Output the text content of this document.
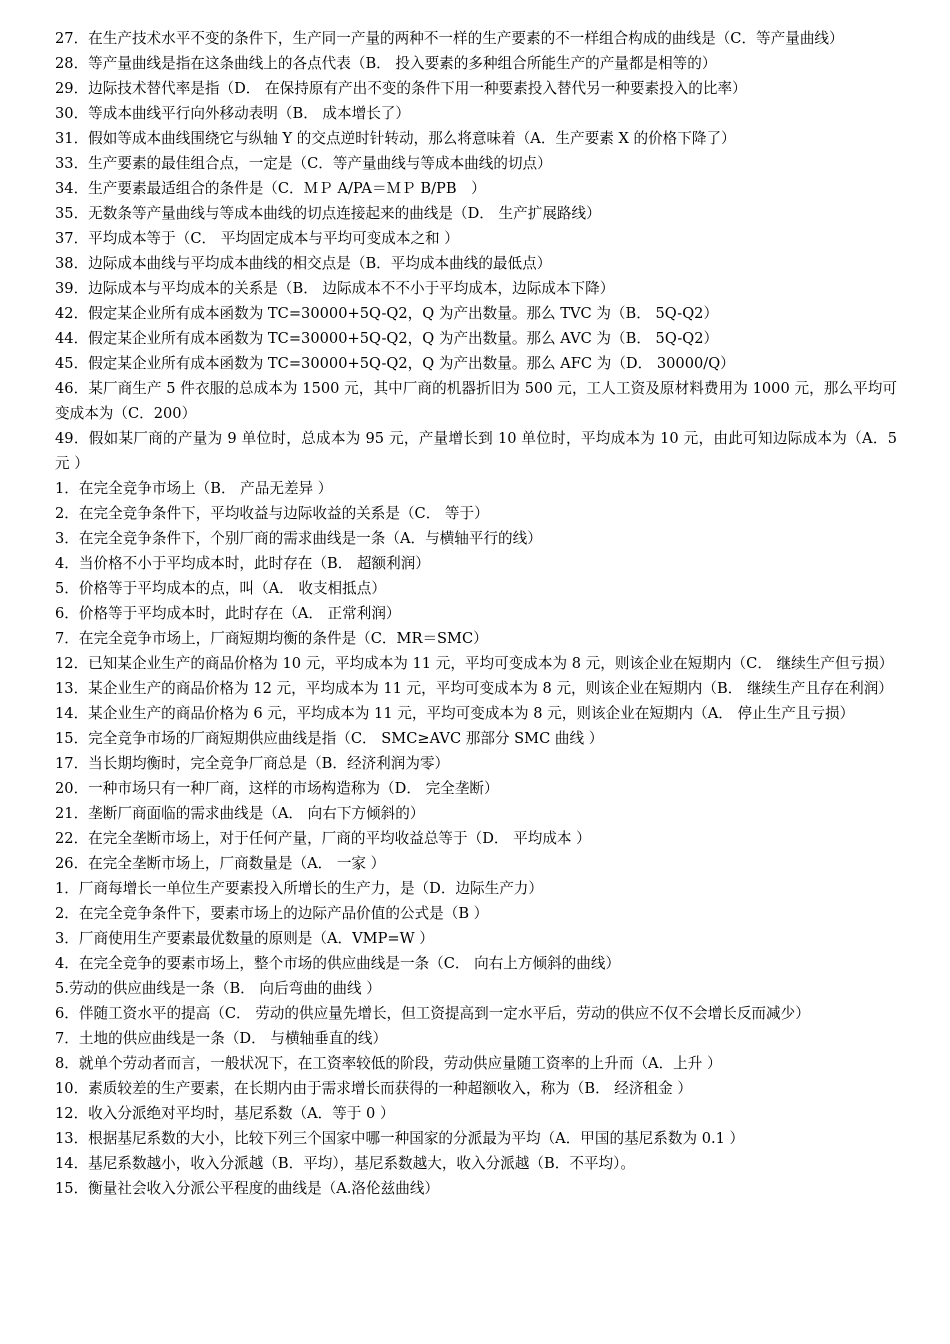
27．在生产技术水平不变的条件下，生产同一产量的两种不一样的生产要素的不一样组合构成的曲线是（C．等产量曲线）

28．等产量曲线是指在这条曲线上的各点代表（B． 投入要素的多种组合所能生产的产量都是相等的）

29．边际技术替代率是指（D． 在保持原有产出不变的条件下用一种要素投入替代另一种要素投入的比率）

30．等成本曲线平行向外移动表明（B． 成本增长了）

31．假如等成本曲线围绕它与纵轴 Y 的交点逆时针转动，那么将意味着（A．生产要素 X 的价格下降了）

33．生产要素的最佳组合点，一定是（C．等产量曲线与等成本曲线的切点）

34．生产要素最适组合的条件是（C．ＭＰ A/PA＝ＭＰ B/PB　）

35．无数条等产量曲线与等成本曲线的切点连接起来的曲线是（D． 生产扩展路线）

37．平均成本等于（C． 平均固定成本与平均可变成本之和 ）

38．边际成本曲线与平均成本曲线的相交点是（B．平均成本曲线的最低点）

39．边际成本与平均成本的关系是（B． 边际成本不不小于平均成本，边际成本下降）

42．假定某企业所有成本函数为 TC=30000+5Q-Q2，Q 为产出数量。那么 TVC 为（B． 5Q-Q2）

44．假定某企业所有成本函数为 TC=30000+5Q-Q2，Q 为产出数量。那么 AVC 为（B． 5Q-Q2）

45．假定某企业所有成本函数为 TC=30000+5Q-Q2，Q 为产出数量。那么 AFC 为（D． 30000/Q）

46．某厂商生产 5 件衣服的总成本为 1500 元，其中厂商的机器折旧为 500 元，工人工资及原材料费用为 1000 元，那么平均可变成本为（C．200）

49．假如某厂商的产量为 9 单位时，总成本为 95 元，产量增长到 10 单位时，平均成本为 10 元，由此可知边际成本为（A．5 元 ）

1．在完全竞争市场上（B． 产品无差异 ）

2．在完全竞争条件下，平均收益与边际收益的关系是（C． 等于）

3．在完全竞争条件下，个别厂商的需求曲线是一条（A．与横轴平行的线）

4．当价格不小于平均成本时，此时存在（B． 超额利润）

5．价格等于平均成本的点，叫（A． 收支相抵点）

6．价格等于平均成本时，此时存在（A． 正常利润）

7．在完全竞争市场上，厂商短期均衡的条件是（C．MR＝SMC）

12．已知某企业生产的商品价格为 10 元，平均成本为 11 元，平均可变成本为 8 元，则该企业在短期内（C． 继续生产但亏损）

13．某企业生产的商品价格为 12 元，平均成本为 11 元，平均可变成本为 8 元，则该企业在短期内（B． 继续生产且存在利润）

14．某企业生产的商品价格为 6 元，平均成本为 11 元，平均可变成本为 8 元，则该企业在短期内（A． 停止生产且亏损）

15．完全竞争市场的厂商短期供应曲线是指（C． SMC≥AVC 那部分 SMC 曲线 ）

17．当长期均衡时，完全竞争厂商总是（B．经济利润为零）

20．一种市场只有一种厂商，这样的市场构造称为（D． 完全垄断）

21．垄断厂商面临的需求曲线是（A． 向右下方倾斜的）

22．在完全垄断市场上，对于任何产量，厂商的平均收益总等于（D． 平均成本 ）

26．在完全垄断市场上，厂商数量是（A． 一家 ）

1．厂商每增长一单位生产要素投入所增长的生产力，是（D．边际生产力）

2．在完全竞争条件下，要素市场上的边际产品价值的公式是（B ）

3．厂商使用生产要素最优数量的原则是（A．VMP=W ）

4．在完全竞争的要素市场上，整个市场的供应曲线是一条（C． 向右上方倾斜的曲线）

5.劳动的供应曲线是一条（B． 向后弯曲的曲线 ）

6．伴随工资水平的提高（C． 劳动的供应量先增长，但工资提高到一定水平后，劳动的供应不仅不会增长反而减少）

7．土地的供应曲线是一条（D． 与横轴垂直的线）

8．就单个劳动者而言，一般状况下，在工资率较低的阶段，劳动供应量随工资率的上升而（A．上升 ）

10．素质较差的生产要素，在长期内由于需求增长而获得的一种超额收入，称为（B． 经济租金 ）

12．收入分派绝对平均时，基尼系数（A．等于 0 ）

13．根据基尼系数的大小，比较下列三个国家中哪一种国家的分派最为平均（A．甲国的基尼系数为 0.1 ）

14．基尼系数越小，收入分派越（B．平均），基尼系数越大，收入分派越（B．不平均）。

15．衡量社会收入分派公平程度的曲线是（A.洛伦兹曲线）
